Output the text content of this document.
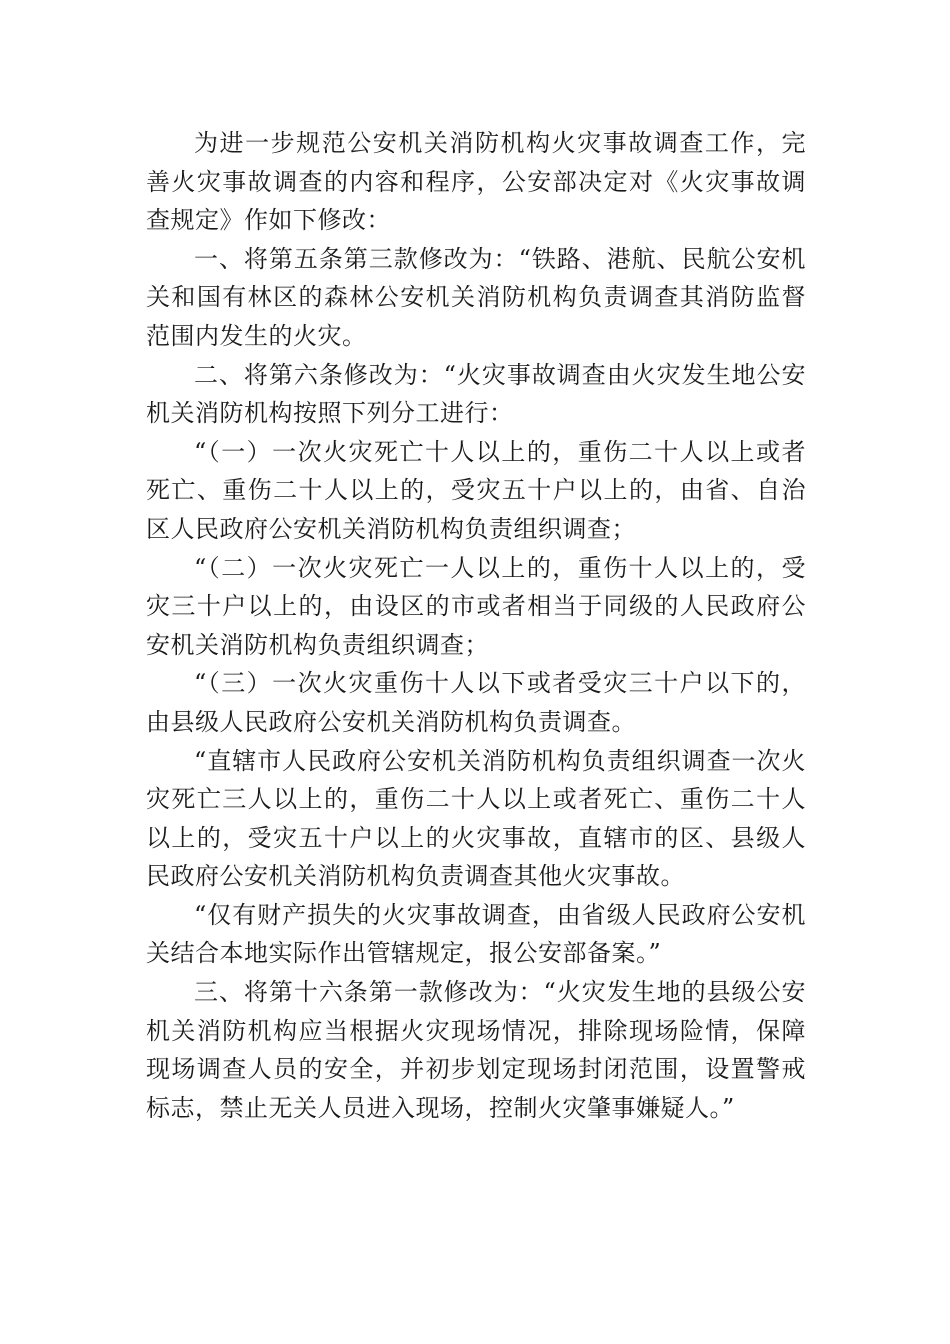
为进一步规范公安机关消防机构火灾事故调查工作，完善火灾事故调查的内容和程序，公安部决定对《火灾事故调查规定》作如下修改：

一、将第五条第三款修改为：“铁路、港航、民航公安机关和国有林区的森林公安机关消防机构负责调查其消防监督范围内发生的火灾。

二、将第六条修改为：“火灾事故调查由火灾发生地公安机关消防机构按照下列分工进行：

“（一）一次火灾死亡十人以上的，重伤二十人以上或者死亡、重伤二十人以上的，受灾五十户以上的，由省、自治区人民政府公安机关消防机构负责组织调查；

“（二）一次火灾死亡一人以上的，重伤十人以上的，受灾三十户以上的，由设区的市或者相当于同级的人民政府公安机关消防机构负责组织调查；

“（三）一次火灾重伤十人以下或者受灾三十户以下的，由县级人民政府公安机关消防机构负责调查。

“直辖市人民政府公安机关消防机构负责组织调查一次火灾死亡三人以上的，重伤二十人以上或者死亡、重伤二十人以上的，受灾五十户以上的火灾事故，直辖市的区、县级人民政府公安机关消防机构负责调查其他火灾事故。

“仅有财产损失的火灾事故调查，由省级人民政府公安机关结合本地实际作出管辖规定，报公安部备案。”

三、将第十六条第一款修改为：“火灾发生地的县级公安机关消防机构应当根据火灾现场情况，排除现场险情，保障现场调查人员的安全，并初步划定现场封闭范围，设置警戒标志，禁止无关人员进入现场，控制火灾肇事嫌疑人。”
